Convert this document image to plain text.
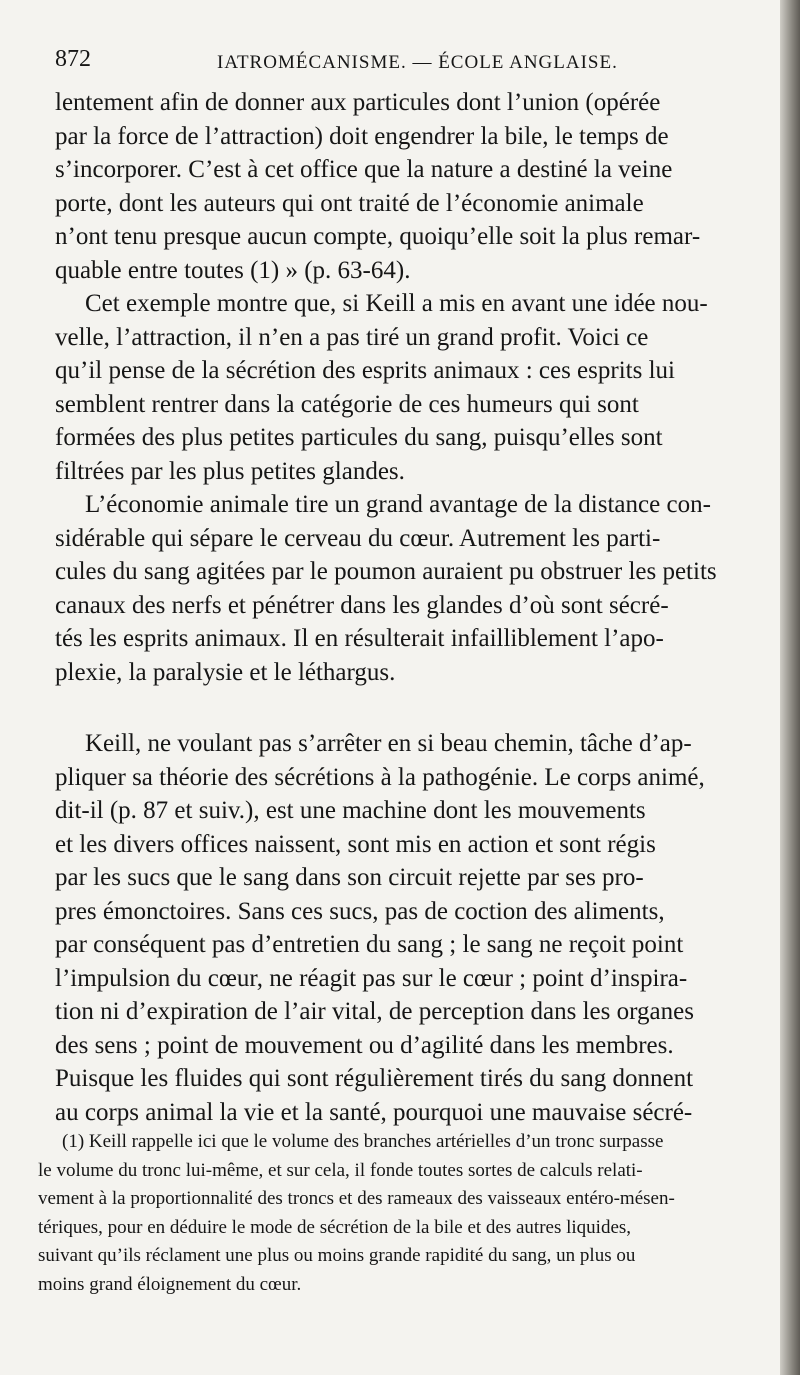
872	IATROMÉCANISME. — ÉCOLE ANGLAISE.

lentement afin de donner aux particules dont l’union (opérée
par la force de l’attraction) doit engendrer la bile, le temps de
s’incorporer. C’est à cet office que la nature a destiné la veine
porte, dont les auteurs qui ont traité de l’économie animale
n’ont tenu presque aucun compte, quoiqu’elle soit la plus remar-
quable entre toutes (1) » (p. 63-64).

Cet exemple montre que, si Keill a mis en avant une idée nou-
velle, l’attraction, il n’en a pas tiré un grand profit. Voici ce
qu’il pense de la sécrétion des esprits animaux : ces esprits lui
semblent rentrer dans la catégorie de ces humeurs qui sont
formées des plus petites particules du sang, puisqu’elles sont
filtrées par les plus petites glandes.

L’économie animale tire un grand avantage de la distance con-
sidérable qui sépare le cerveau du cœur. Autrement les parti-
cules du sang agitées par le poumon auraient pu obstruer les petits
canaux des nerfs et pénétrer dans les glandes d’où sont sécré-
tés les esprits animaux. Il en résulterait infailliblement l’apo-
plexie, la paralysie et le léthargus.

Keill, ne voulant pas s’arrêter en si beau chemin, tâche d’ap-
pliquer sa théorie des sécrétions à la pathogénie. Le corps animé,
dit-il (p. 87 et suiv.), est une machine dont les mouvements
et les divers offices naissent, sont mis en action et sont régis
par les sucs que le sang dans son circuit rejette par ses pro-
pres émonctoires. Sans ces sucs, pas de coction des aliments,
par conséquent pas d’entretien du sang ; le sang ne reçoit point
l’impulsion du cœur, ne réagit pas sur le cœur ; point d’inspira-
tion ni d’expiration de l’air vital, de perception dans les organes
des sens ; point de mouvement ou d’agilité dans les membres.
Puisque les fluides qui sont régulièrement tirés du sang donnent
au corps animal la vie et la santé, pourquoi une mauvaise sécré-

(1) Keill rappelle ici que le volume des branches artérielles d’un tronc surpasse
le volume du tronc lui-même, et sur cela, il fonde toutes sortes de calculs relati-
vement à la proportionnalité des troncs et des rameaux des vaisseaux entéro-mésen-
tériques, pour en déduire le mode de sécrétion de la bile et des autres liquides,
suivant qu’ils réclament une plus ou moins grande rapidité du sang, un plus ou
moins grand éloignement du cœur.
